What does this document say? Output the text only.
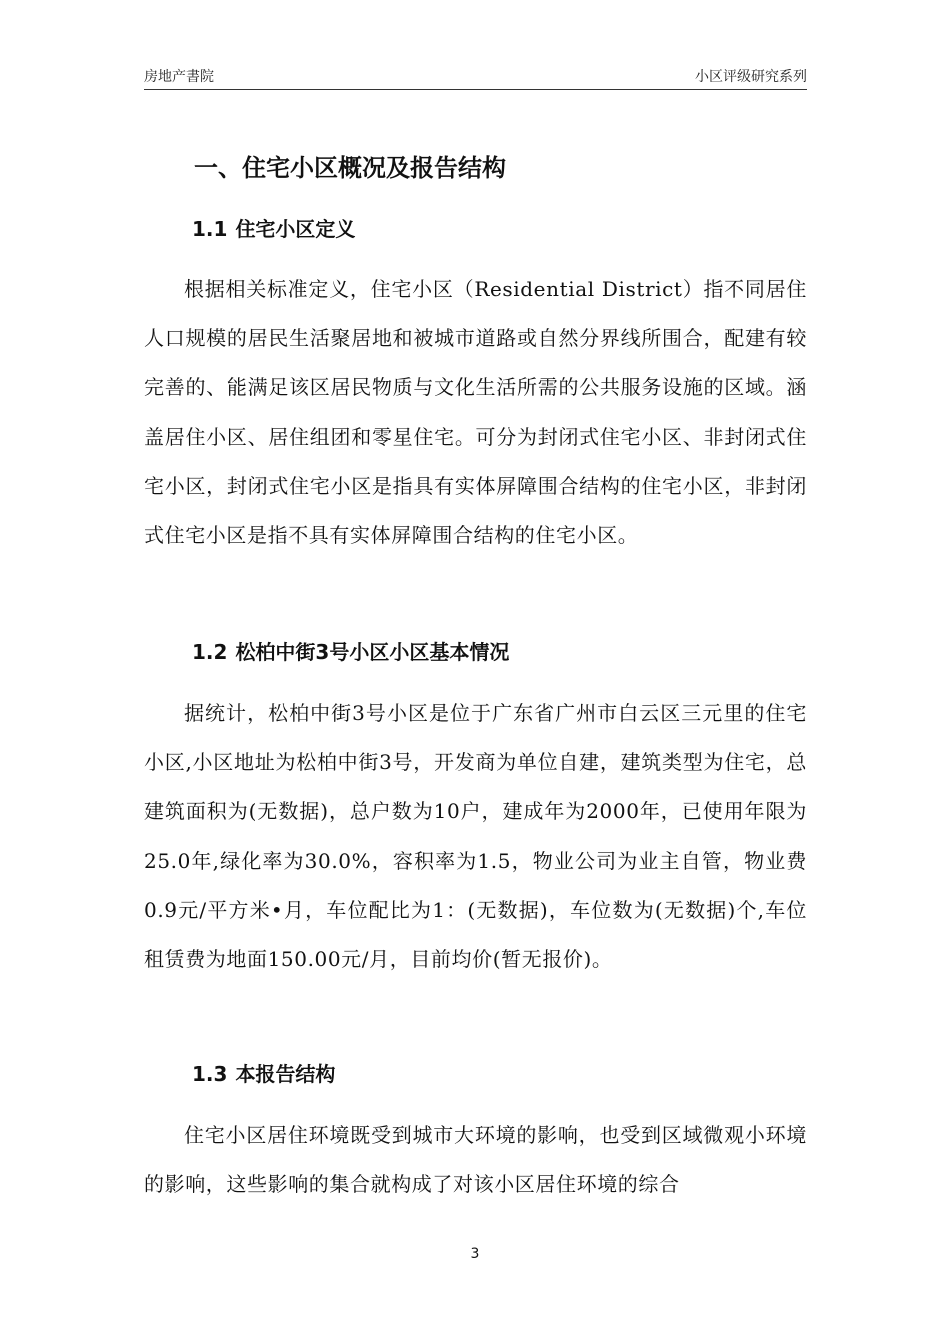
房地产書院	小区评级研究系列
一、住宅小区概况及报告结构
1.1 住宅小区定义
根据相关标准定义，住宅小区（Residential District）指不同居住人口规模的居民生活聚居地和被城市道路或自然分界线所围合，配建有较完善的、能满足该区居民物质与文化生活所需的公共服务设施的区域。涵盖居住小区、居住组团和零星住宅。可分为封闭式住宅小区、非封闭式住宅小区，封闭式住宅小区是指具有实体屏障围合结构的住宅小区，非封闭式住宅小区是指不具有实体屏障围合结构的住宅小区。
1.2 松柏中街3号小区小区基本情况
据统计，松柏中街3号小区是位于广东省广州市白云区三元里的住宅小区,小区地址为松柏中街3号，开发商为单位自建，建筑类型为住宅，总建筑面积为(无数据)，总户数为10户，建成年为2000年，已使用年限为25.0年,绿化率为30.0%，容积率为1.5，物业公司为业主自管，物业费0.9元/平方米•月，车位配比为1：(无数据)，车位数为(无数据)个,车位租赁费为地面150.00元/月，目前均价(暂无报价)。
1.3 本报告结构
住宅小区居住环境既受到城市大环境的影响，也受到区域微观小环境的影响，这些影响的集合就构成了对该小区居住环境的综合
3
